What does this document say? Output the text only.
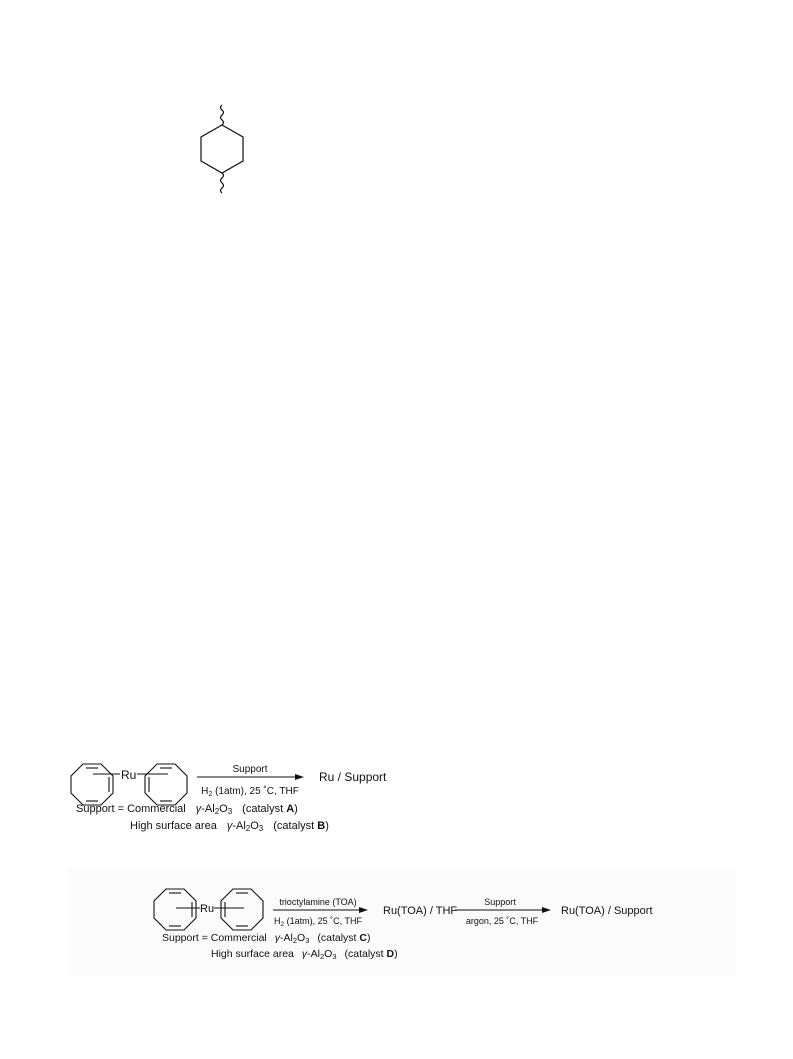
Ru	Support
$H_2$ (1atm), 25 ˚C, THF
Ru / Support
Support = Commercial γ-Al2O3 (catalyst A)
High surface area γ-Al2O3 (catalyst B)
Ru
trioctylamine (TOA)
$H_2$ (1atm), 25 ˚C, THF
Ru(TOA) / THF
Support
argon, 25 ˚C, THF
Ru(TOA) / Support
Support = Commercial γ-Al2O3 (catalyst C)
High surface area γ-Al2O3 (catalyst D)
